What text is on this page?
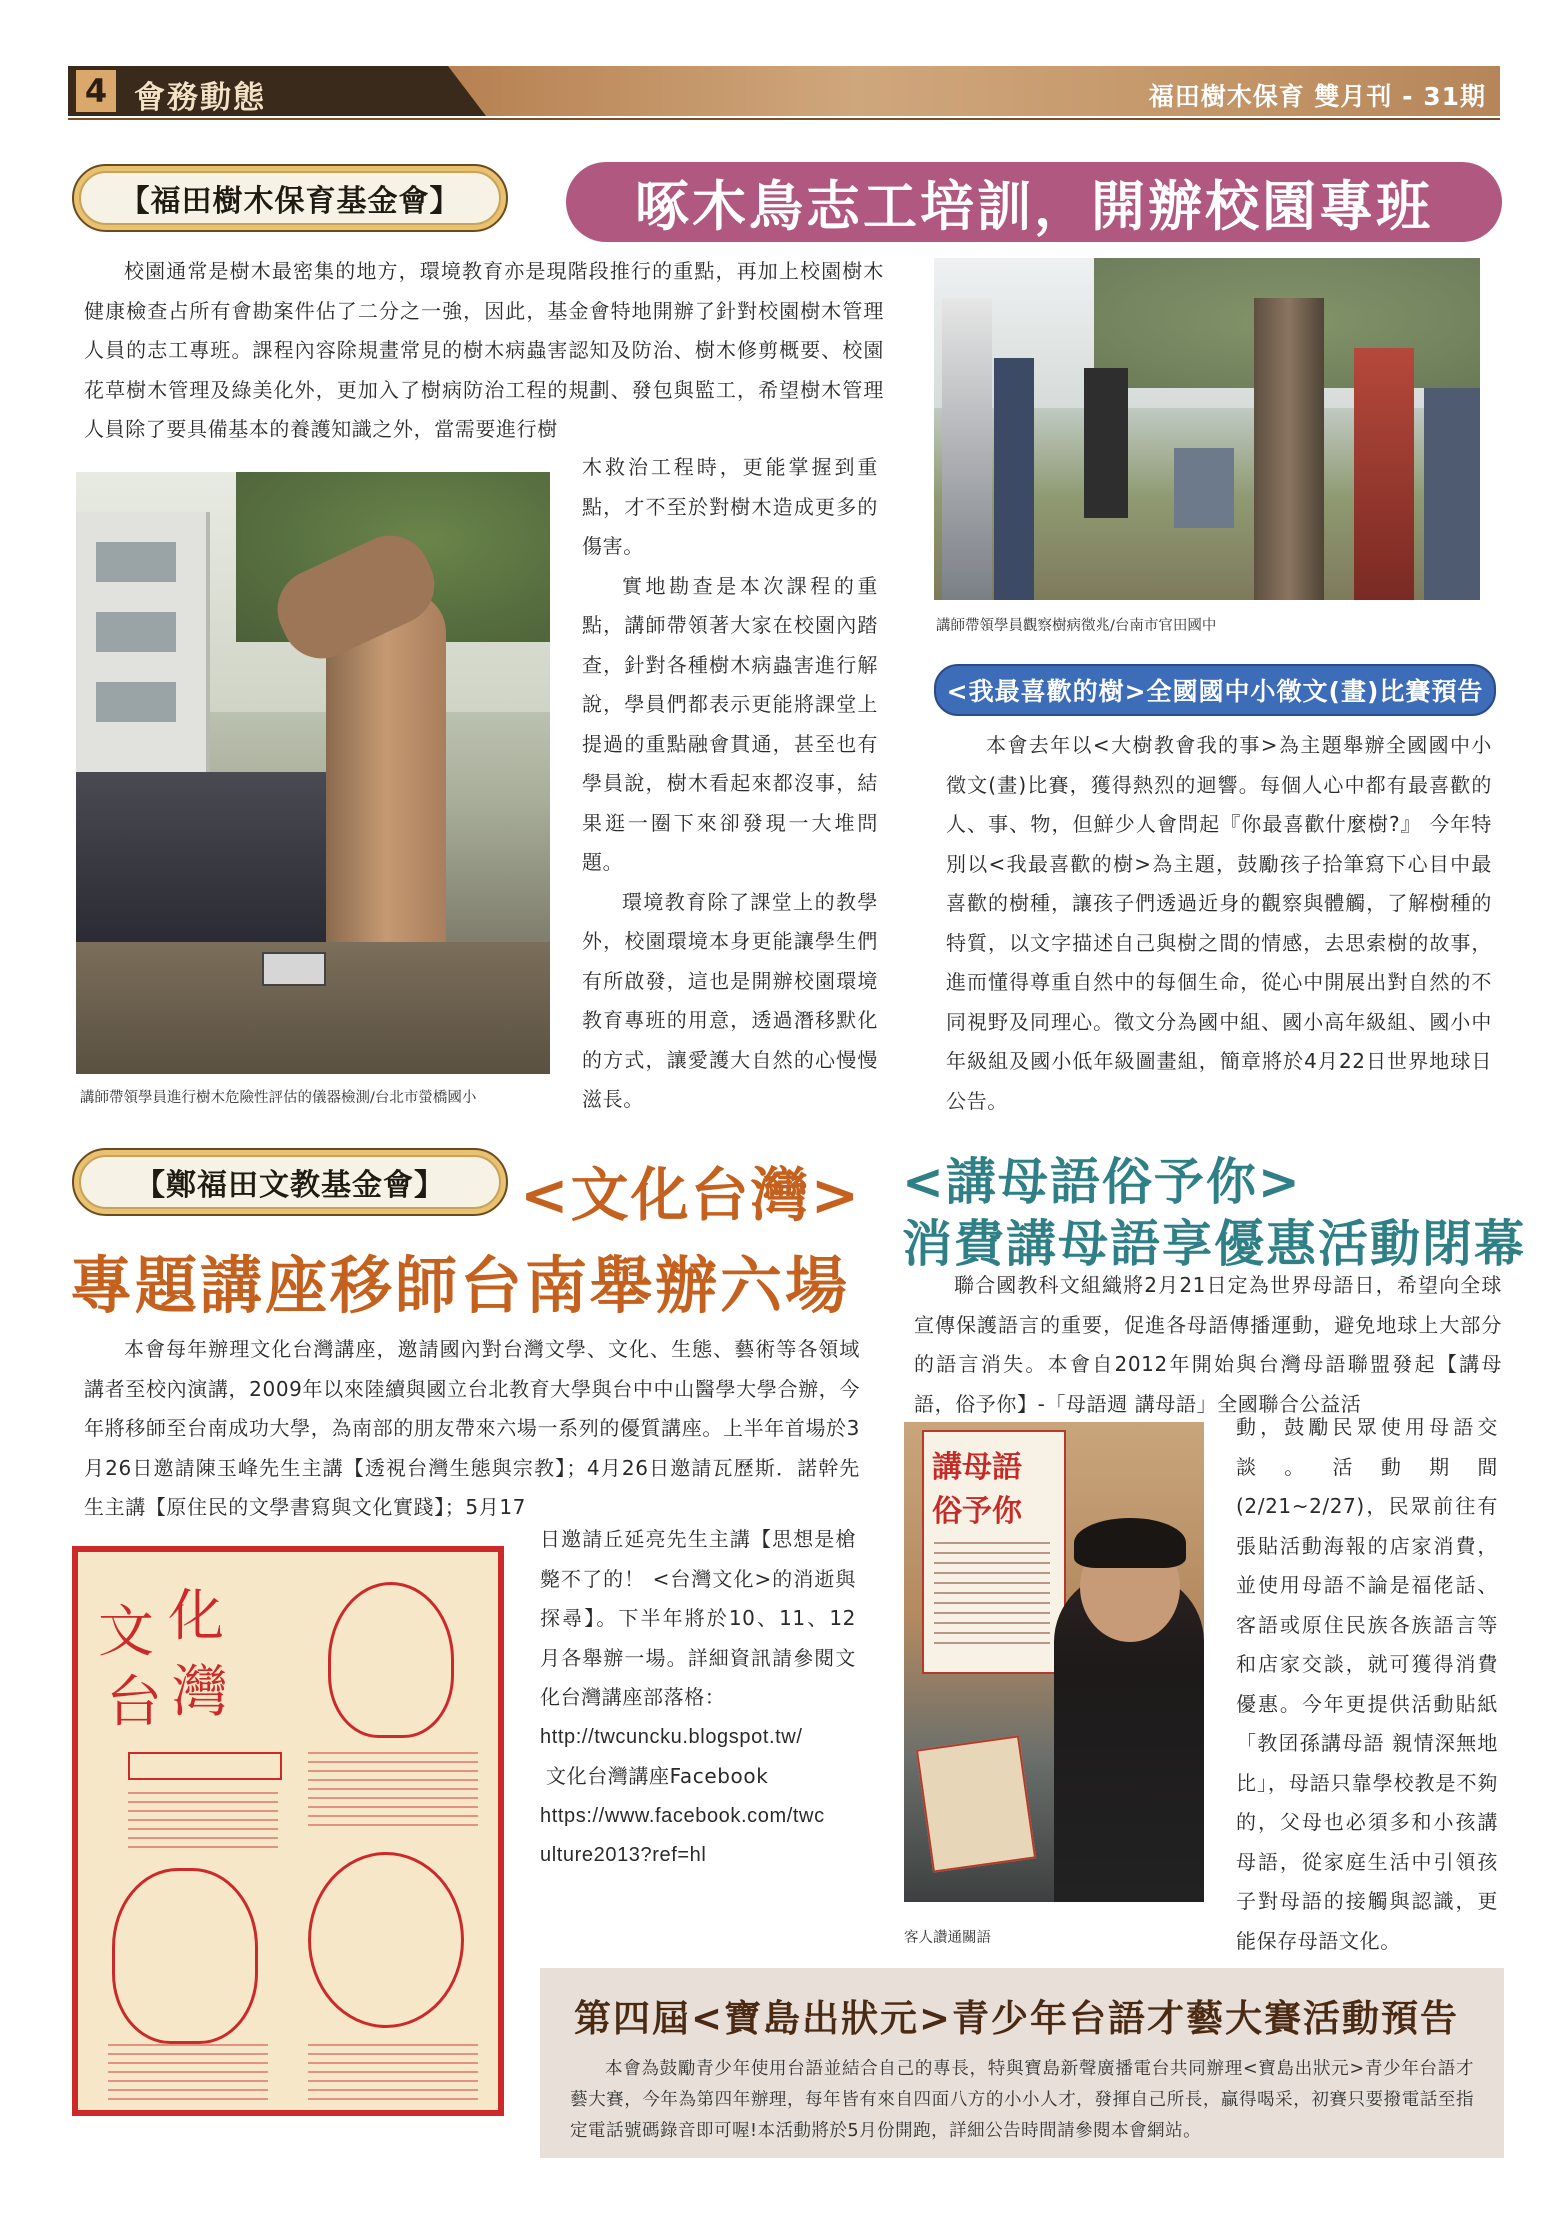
4 會務動態	福田樹木保育 雙月刊 - 31期
【福田樹木保育基金會】	啄木鳥志工培訓，開辦校園專班

校園通常是樹木最密集的地方，環境教育亦是現階段推行的重點，再加上校園樹木健康檢查占所有會勘案件佔了二分之一強，因此，基金會特地開辦了針對校園樹木管理人員的志工專班。課程內容除規畫常見的樹木病蟲害認知及防治、樹木修剪概要、校園花草樹木管理及綠美化外，更加入了樹病防治工程的規劃、發包與監工，希望樹木管理人員除了要具備基本的養護知識之外，當需要進行樹

講師帶領學員進行樹木危險性評估的儀器檢測/台北市螢橋國小

木救治工程時，更能掌握到重點，才不至於對樹木造成更多的傷害。

實地勘查是本次課程的重點，講師帶領著大家在校園內踏查，針對各種樹木病蟲害進行解說，學員們都表示更能將課堂上提過的重點融會貫通，甚至也有學員說，樹木看起來都沒事，結果逛一圈下來卻發現一大堆問題。

環境教育除了課堂上的教學外，校園環境本身更能讓學生們有所啟發，這也是開辦校園環境教育專班的用意，透過潛移默化的方式，讓愛護大自然的心慢慢滋長。

講師帶領學員觀察樹病徵兆/台南市官田國中
<我最喜歡的樹>全國國中小徵文(畫)比賽預告

本會去年以<大樹教會我的事>為主題舉辦全國國中小徵文(畫)比賽，獲得熱烈的迴響。每個人心中都有最喜歡的人、事、物，但鮮少人會問起『你最喜歡什麼樹?』 今年特別以<我最喜歡的樹>為主題，鼓勵孩子拾筆寫下心目中最喜歡的樹種，讓孩子們透過近身的觀察與體觸，了解樹種的特質，以文字描述自己與樹之間的情感，去思索樹的故事，進而懂得尊重自然中的每個生命，從心中開展出對自然的不同視野及同理心。徵文分為國中組、國小高年級組、國小中年級組及國小低年級圖畫組，簡章將於4月22日世界地球日公告。

【鄭福田文教基金會】 <文化台灣>
專題講座移師台南舉辦六場

本會每年辦理文化台灣講座，邀請國內對台灣文學、文化、生態、藝術等各領域講者至校內演講，2009年以來陸續與國立台北教育大學與台中中山醫學大學合辦，今年將移師至台南成功大學，為南部的朋友帶來六場一系列的優質講座。上半年首場於3月26日邀請陳玉峰先生主講【透視台灣生態與宗教】；4月26日邀請瓦歷斯．諾幹先生主講【原住民的文學書寫與文化實踐】；5月17

文 化
台 灣

日邀請丘延亮先生主講【思想是槍斃不了的！ <台灣文化>的消逝與探尋】。下半年將於10、11、12月各舉辦一場。詳細資訊請參閱文化台灣講座部落格：

http://twcuncku.blogspot.tw/

文化台灣講座Facebook

https://www.facebook.com/twc

ulture2013?ref=hl

<講母語俗予你>
消費講母語享優惠活動閉幕

聯合國教科文組織將2月21日定為世界母語日，希望向全球宣傳保護語言的重要，促進各母語傳播運動，避免地球上大部分的語言消失。本會自2012年開始與台灣母語聯盟發起【講母語，俗予你】-「母語週 講母語」全國聯合公益活

講母語
俗予你
客人讚通關語

動，鼓勵民眾使用母語交談。活動期間(2/21~2/27)，民眾前往有張貼活動海報的店家消費，並使用母語不論是福佬話、客語或原住民族各族語言等和店家交談，就可獲得消費優惠。今年更提供活動貼紙「教囝孫講母語 親情深無地比」，母語只靠學校教是不夠的，父母也必須多和小孩講母語，從家庭生活中引領孩子對母語的接觸與認識，更能保存母語文化。

第四屆<寶島出狀元>青少年台語才藝大賽活動預告

本會為鼓勵青少年使用台語並結合自己的專長，特與寶島新聲廣播電台共同辦理<寶島出狀元>青少年台語才藝大賽，今年為第四年辦理，每年皆有來自四面八方的小小人才，發揮自己所長，贏得喝采，初賽只要撥電話至指定電話號碼錄音即可喔!本活動將於5月份開跑，詳細公告時間請參閱本會網站。
